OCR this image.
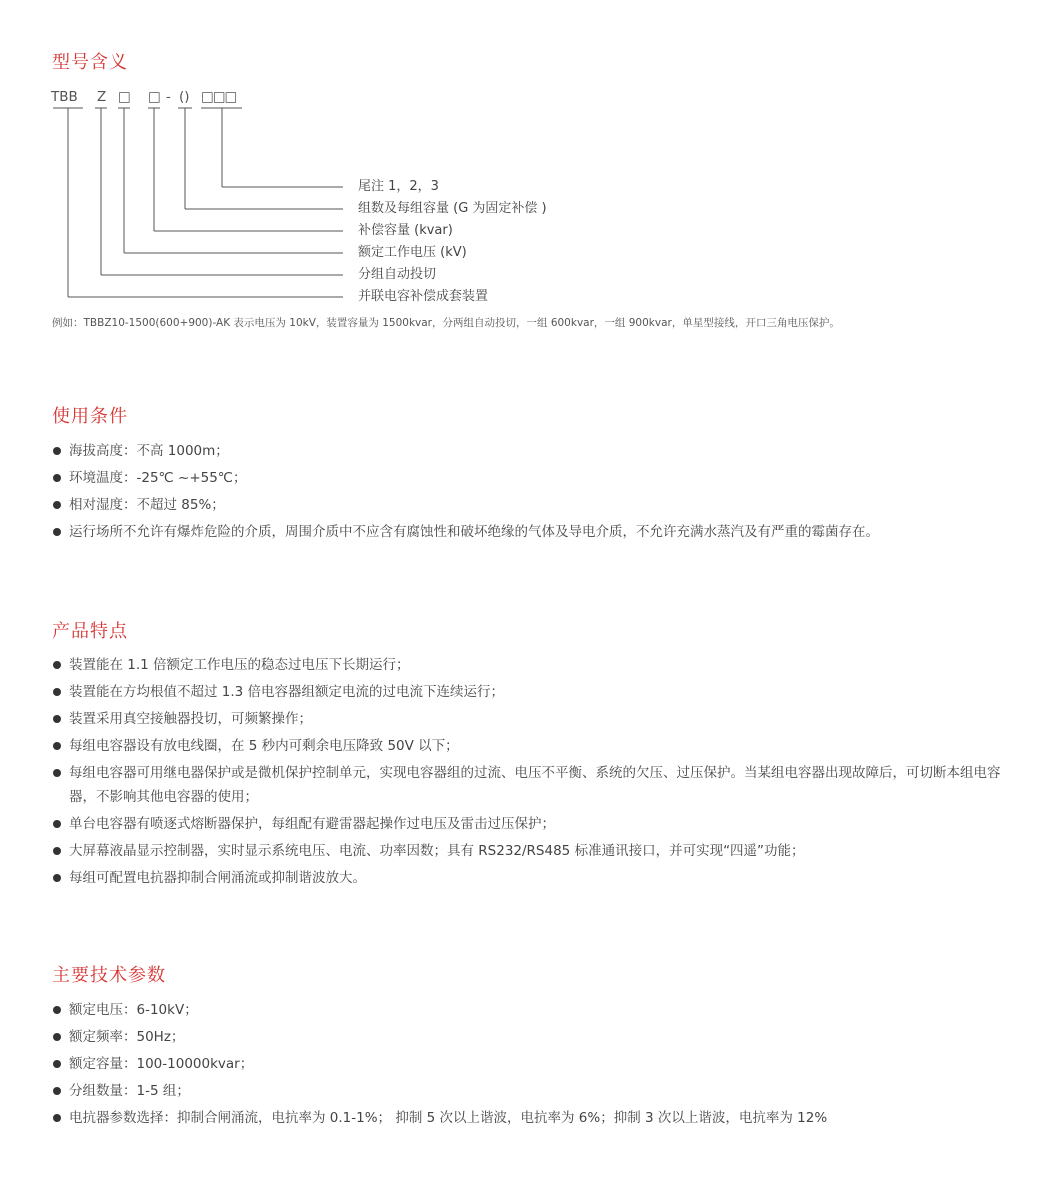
型号含义
TBB Z □ □ - () □□□
尾注 1，2，3
组数及每组容量 (G 为固定补偿 )
补偿容量 (kvar)
额定工作电压 (kV)
分组自动投切
并联电容补偿成套装置
例如：TBBZ10-1500(600+900)-AK 表示电压为 10kV，装置容量为 1500kvar，分两组自动投切，一组 600kvar，一组 900kvar，单星型接线，开口三角电压保护。
使用条件
海拔高度：不高 1000m；
环境温度：-25℃ ~+55℃；
相对湿度：不超过 85%；
运行场所不允许有爆炸危险的介质，周围介质中不应含有腐蚀性和破坏绝缘的气体及导电介质，不允许充满水蒸汽及有严重的霉菌存在。
产品特点
装置能在 1.1 倍额定工作电压的稳态过电压下长期运行；
装置能在方均根值不超过 1.3 倍电容器组额定电流的过电流下连续运行；
装置采用真空接触器投切，可频繁操作；
每组电容器设有放电线圈，在 5 秒内可剩余电压降致 50V 以下；
每组电容器可用继电器保护或是微机保护控制单元，实现电容器组的过流、电压不平衡、系统的欠压、过压保护。当某组电容器出现故障后，可切断本组电容器，不影响其他电容器的使用；
单台电容器有喷逐式熔断器保护，每组配有避雷器起操作过电压及雷击过压保护；
大屏幕液晶显示控制器，实时显示系统电压、电流、功率因数；具有 RS232/RS485 标准通讯接口，并可实现“四遥”功能；
每组可配置电抗器抑制合闸涌流或抑制谐波放大。
主要技术参数
额定电压：6-10kV；
额定频率：50Hz；
额定容量：100-10000kvar；
分组数量：1-5 组；
电抗器参数选择：抑制合闸涌流，电抗率为 0.1-1%； 抑制 5 次以上谐波，电抗率为 6%；抑制 3 次以上谐波，电抗率为 12%
